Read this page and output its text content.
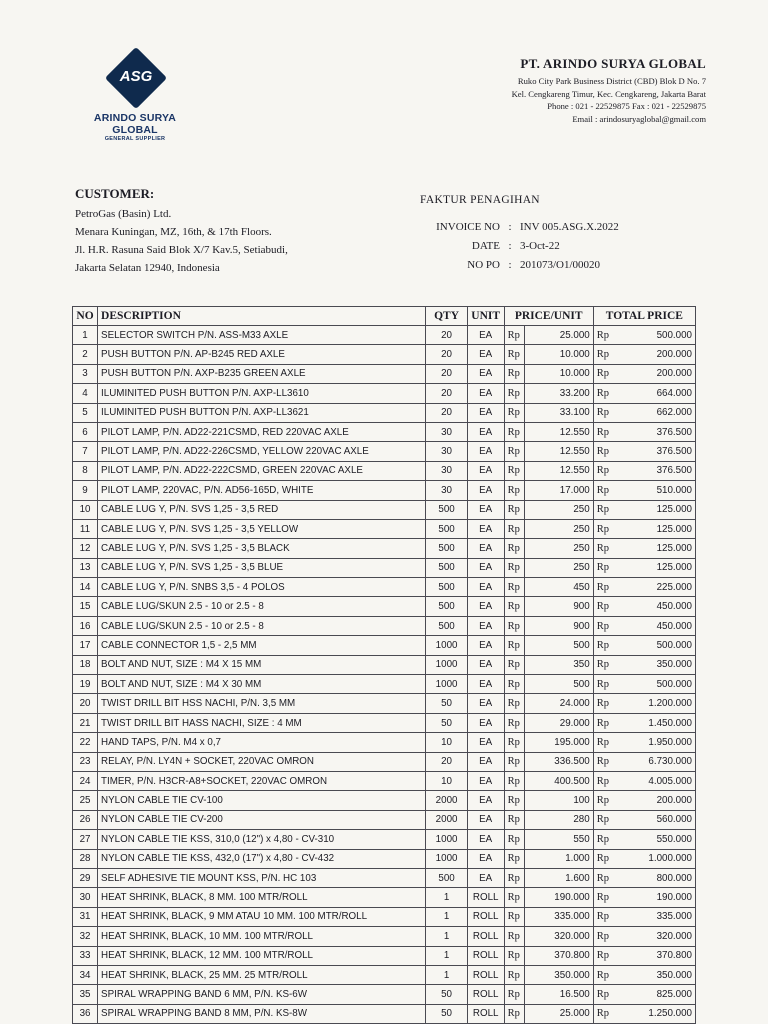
ASG
ARINDO SURYA GLOBAL
GENERAL SUPPLIER
PT. ARINDO SURYA GLOBAL
Ruko City Park Business District (CBD) Blok D No. 7
Kel. Cengkareng Timur, Kec. Cengkareng, Jakarta Barat
Phone : 021 - 22529875 Fax : 021 - 22529875
Email : arindosuryaglobal@gmail.com
CUSTOMER:
PetroGas (Basin) Ltd.
Menara Kuningan, MZ, 16th, & 17th Floors.
Jl. H.R. Rasuna Said Blok X/7 Kav.5, Setiabudi,
Jakarta Selatan 12940, Indonesia
FAKTUR PENAGIHAN
INVOICE NO : INV 005.ASG.X.2022
DATE : 3-Oct-22
NO PO : 201073/O1/00020
NO	DESCRIPTION	QTY	UNIT	PRICE/UNIT		TOTAL PRICE	
1	SELECTOR SWITCH P/N. ASS-M33 AXLE	20	EA	Rp	25.000	Rp	500.000
2	PUSH BUTTON P/N. AP-B245 RED AXLE	20	EA	Rp	10.000	Rp	200.000
3	PUSH BUTTON P/N. AXP-B235 GREEN AXLE	20	EA	Rp	10.000	Rp	200.000
4	ILUMINITED PUSH BUTTON P/N. AXP-LL3610	20	EA	Rp	33.200	Rp	664.000
5	ILUMINITED PUSH BUTTON P/N. AXP-LL3621	20	EA	Rp	33.100	Rp	662.000
6	PILOT LAMP, P/N. AD22-221CSMD, RED 220VAC AXLE	30	EA	Rp	12.550	Rp	376.500
7	PILOT LAMP, P/N. AD22-226CSMD, YELLOW 220VAC AXLE	30	EA	Rp	12.550	Rp	376.500
8	PILOT LAMP, P/N. AD22-222CSMD, GREEN 220VAC AXLE	30	EA	Rp	12.550	Rp	376.500
9	PILOT LAMP, 220VAC, P/N. AD56-165D, WHITE	30	EA	Rp	17.000	Rp	510.000
10	CABLE LUG Y, P/N. SVS 1,25 - 3,5 RED	500	EA	Rp	250	Rp	125.000
11	CABLE LUG Y, P/N. SVS 1,25 - 3,5 YELLOW	500	EA	Rp	250	Rp	125.000
12	CABLE LUG Y, P/N. SVS 1,25 - 3,5 BLACK	500	EA	Rp	250	Rp	125.000
13	CABLE LUG Y, P/N. SVS 1,25 - 3,5 BLUE	500	EA	Rp	250	Rp	125.000
14	CABLE LUG Y, P/N. SNBS 3,5 - 4 POLOS	500	EA	Rp	450	Rp	225.000
15	CABLE LUG/SKUN 2.5 - 10 or 2.5 - 8	500	EA	Rp	900	Rp	450.000
16	CABLE LUG/SKUN 2.5 - 10 or 2.5 - 8	500	EA	Rp	900	Rp	450.000
17	CABLE CONNECTOR 1,5 - 2,5 MM	1000	EA	Rp	500	Rp	500.000
18	BOLT AND NUT, SIZE : M4 X 15 MM	1000	EA	Rp	350	Rp	350.000
19	BOLT AND NUT, SIZE : M4 X 30 MM	1000	EA	Rp	500	Rp	500.000
20	TWIST DRILL BIT HSS NACHI, P/N. 3,5 MM	50	EA	Rp	24.000	Rp	1.200.000
21	TWIST DRILL BIT HASS NACHI, SIZE : 4 MM	50	EA	Rp	29.000	Rp	1.450.000
22	HAND TAPS, P/N. M4 x 0,7	10	EA	Rp	195.000	Rp	1.950.000
23	RELAY, P/N. LY4N + SOCKET, 220VAC OMRON	20	EA	Rp	336.500	Rp	6.730.000
24	TIMER, P/N. H3CR-A8+SOCKET, 220VAC OMRON	10	EA	Rp	400.500	Rp	4.005.000
25	NYLON CABLE TIE CV-100	2000	EA	Rp	100	Rp	200.000
26	NYLON CABLE TIE CV-200	2000	EA	Rp	280	Rp	560.000
27	NYLON CABLE TIE KSS, 310,0 (12") x 4,80 - CV-310	1000	EA	Rp	550	Rp	550.000
28	NYLON CABLE TIE KSS, 432,0 (17") x 4,80 - CV-432	1000	EA	Rp	1.000	Rp	1.000.000
29	SELF ADHESIVE TIE MOUNT KSS, P/N. HC 103	500	EA	Rp	1.600	Rp	800.000
30	HEAT SHRINK, BLACK, 8 MM. 100 MTR/ROLL	1	ROLL	Rp	190.000	Rp	190.000
31	HEAT SHRINK, BLACK, 9 MM ATAU 10 MM. 100 MTR/ROLL	1	ROLL	Rp	335.000	Rp	335.000
32	HEAT SHRINK, BLACK, 10 MM. 100 MTR/ROLL	1	ROLL	Rp	320.000	Rp	320.000
33	HEAT SHRINK, BLACK, 12 MM. 100 MTR/ROLL	1	ROLL	Rp	370.800	Rp	370.800
34	HEAT SHRINK, BLACK, 25 MM. 25 MTR/ROLL	1	ROLL	Rp	350.000	Rp	350.000
35	SPIRAL WRAPPING BAND 6 MM, P/N. KS-6W	50	ROLL	Rp	16.500	Rp	825.000
36	SPIRAL WRAPPING BAND 8 MM, P/N. KS-8W	50	ROLL	Rp	25.000	Rp	1.250.000
